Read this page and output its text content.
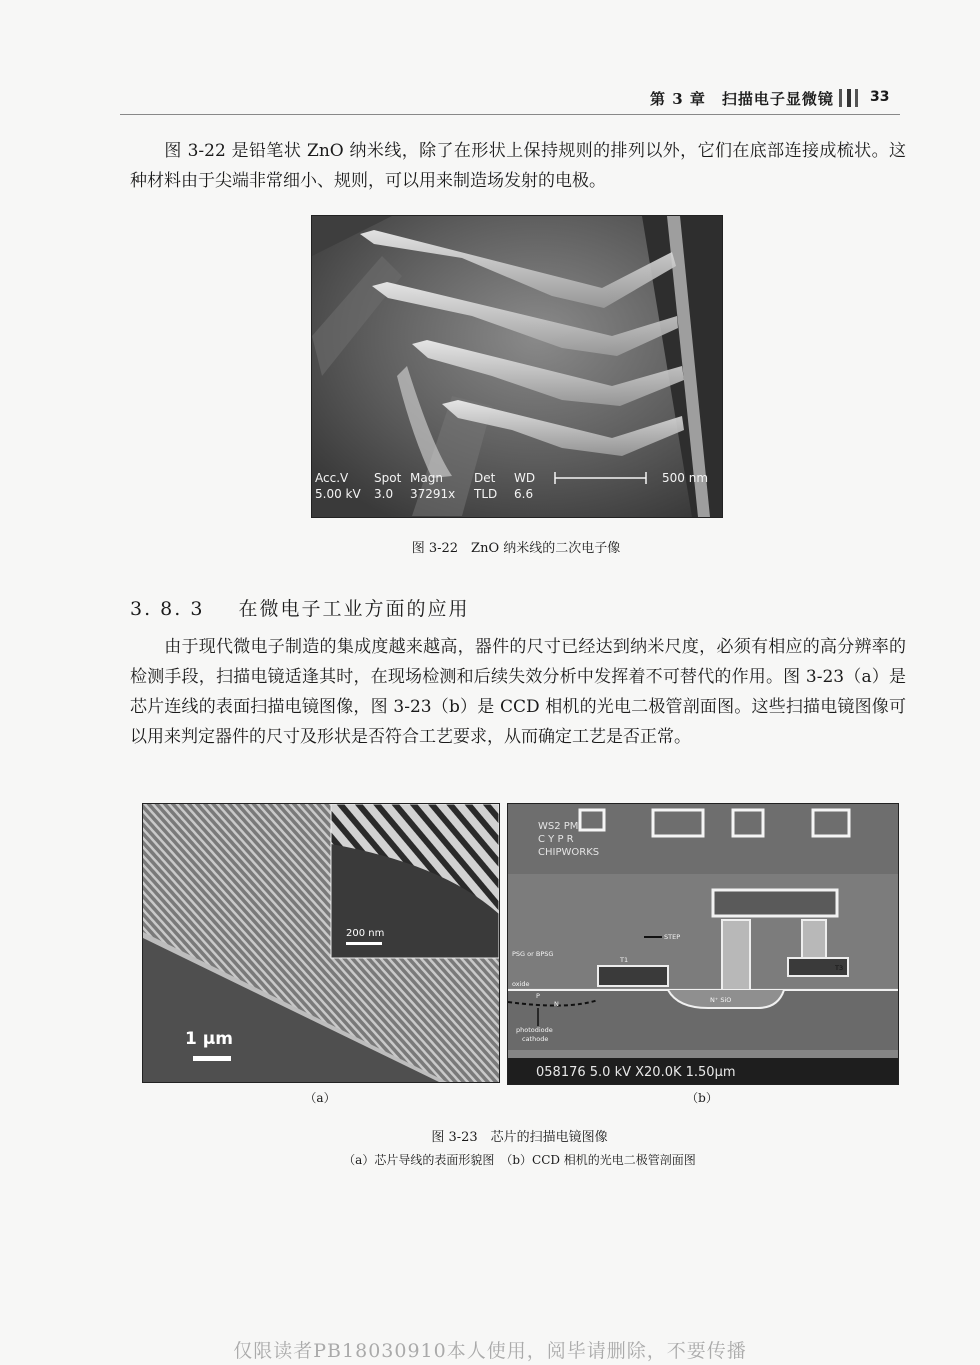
第 3 章　扫描电子显微镜	33
图 3-22 是铅笔状 ZnO 纳米线，除了在形状上保持规则的排列以外，它们在底部连接成梳状。这种材料由于尖端非常细小、规则，可以用来制造场发射的电极。
Acc.V Spot Magn	Det WD
5.00 kV 3.0 37291x TLD 6.6
500 nm
图 3-22　ZnO 纳米线的二次电子像
3. 8. 3 在微电子工业方面的应用
由于现代微电子制造的集成度越来越高，器件的尺寸已经达到纳米尺度，必须有相应的高分辨率的检测手段，扫描电镜适逢其时，在现场检测和后续失效分析中发挥着不可替代的作用。图 3-23（a）是芯片连线的表面扫描电镜图像，图 3-23（b）是 CCD 相机的光电二极管剖面图。这些扫描电镜图像可以用来判定器件的尺寸及形状是否符合工艺要求，从而确定工艺是否正常。
200 nm
1 μm
WS2 PM
C Y P R
CHIPWORKS
PSG or BPSG
T1
T3
oxide
P
N	N⁺ SiO
photodiode
cathode
STEP
058176 5.0 kV X20.0K 1.50μm
（a）	（b）
图 3-23　芯片的扫描电镜图像
（a）芯片导线的表面形貌图　（b）CCD 相机的光电二极管剖面图
仅限读者PB18030910本人使用，阅毕请删除，不要传播
